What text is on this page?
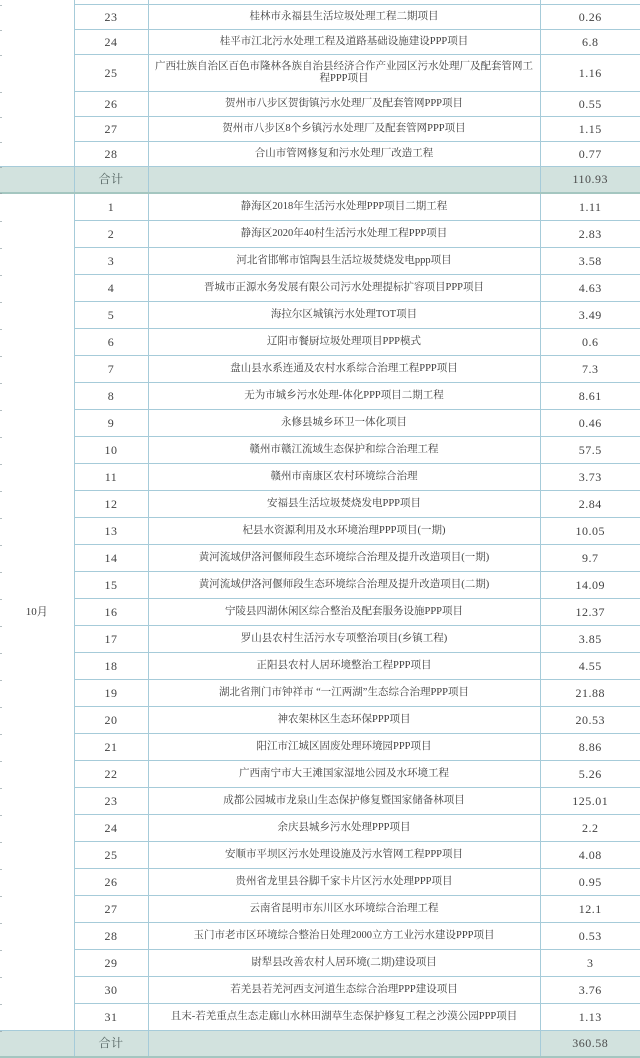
	23	桂林市永福县生活垃圾处理工程二期项目	0.26
	24	桂平市江北污水处理工程及道路基础设施建设PPP项目	6.8
	25	广西壮族自治区百色市隆林各族自治县经济合作产业园区污水处理厂及配套管网工程PPP项目	1.16
	26	贺州市八步区贺街镇污水处理厂及配套管网PPP项目	0.55
	27	贺州市八步区8个乡镇污水处理厂及配套管网PPP项目	1.15
	28	合山市管网修复和污水处理厂改造工程	0.77
	合计		110.93
10月	1	静海区2018年生活污水处理PPP项目二期工程	1.11
	2	静海区2020年40村生活污水处理工程PPP项目	2.83
	3	河北省邯郸市馆陶县生活垃圾焚烧发电ppp项目	3.58
	4	晋城市正源水务发展有限公司污水处理提标扩容项目PPP项目	4.63
	5	海拉尔区城镇污水处理TOT项目	3.49
	6	辽阳市餐厨垃圾处理项目PPP模式	0.6
	7	盘山县水系连通及农村水系综合治理工程PPP项目	7.3
	8	无为市城乡污水处理-体化PPP项目二期工程	8.61
	9	永修县城乡环卫一体化项目	0.46
	10	赣州市赣江流域生态保护和综合治理工程	57.5
	11	赣州市南康区农村环境综合治理	3.73
	12	安福县生活垃圾焚烧发电PPP项目	2.84
	13	杞县水资源利用及水环境治理PPP项目(一期)	10.05
	14	黄河流域伊洛河偃师段生态环境综合治理及提升改造项目(一期)	9.7
	15	黄河流域伊洛河偃师段生态环境综合治理及提升改造项目(二期)	14.09
	16	宁陵县四湖休闲区综合整治及配套服务设施PPP项目	12.37
	17	罗山县农村生活污水专项整治项目(乡镇工程)	3.85
	18	正阳县农村人居环境整治工程PPP项目	4.55
	19	湖北省荆门市钟祥市 “一江两湖”生态综合治理PPP项目	21.88
	20	神农架林区生态环保PPP项目	20.53
	21	阳江市江城区固废处理环境园PPP项目	8.86
	22	广西南宁市大王滩国家湿地公园及水环境工程	5.26
	23	成都公园城市龙泉山生态保护修复暨国家储备林项目	125.01
	24	余庆县城乡污水处理PPP项目	2.2
	25	安顺市平坝区污水处理设施及污水管网工程PPP项目	4.08
	26	贵州省龙里县谷脚千家卡片区污水处理PPP项目	0.95
	27	云南省昆明市东川区水环境综合治理工程	12.1
	28	玉门市老市区环境综合整治日处理2000立方工业污水建设PPP项目	0.53
	29	尉犁县改善农村人居环境(二期)建设项目	3
	30	若羌县若羌河西支河道生态综合治理PPP建设项目	3.76
	31	且末-若羌重点生态走廊山水林田湖草生态保护修复工程之沙漠公园PPP项目	1.13
	合计		360.58
